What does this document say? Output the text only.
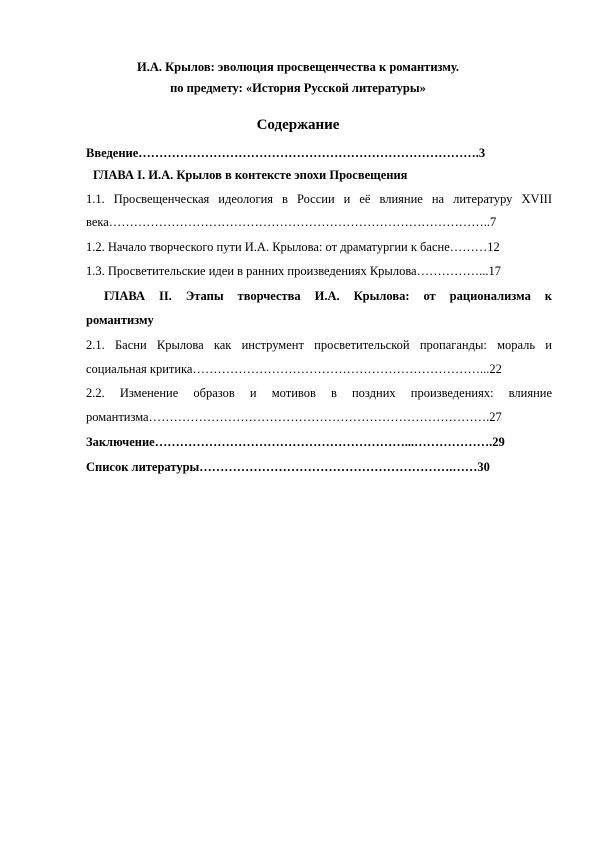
И.А. Крылов: эволюция просвещенчества к романтизму.
по предмету: «История Русской литературы»
Содержание
Введение……………………………………………………………………….3
ГЛАВА I. И.А. Крылов в контексте эпохи Просвещения
1.1. Просвещенческая идеология в России и её влияние на литературу XVIII
века………………………………………………………………………………..7
1.2. Начало творческого пути И.А. Крылова: от драматургии к басне………12
1.3. Просветительские идеи в ранних произведениях Крылова……………...17
ГЛАВА II. Этапы творчества И.А. Крылова: от рационализма к
романтизму
2.1. Басни Крылова как инструмент просветительской пропаганды: мораль и
социальная критика……………………………………………………………...22
2.2. Изменение образов и мотивов в поздних произведениях: влияние
романтизма……………………………………………………………………….27
Заключение……………………………………………………...……………….29
Список литературы…………………………………………………….……30
